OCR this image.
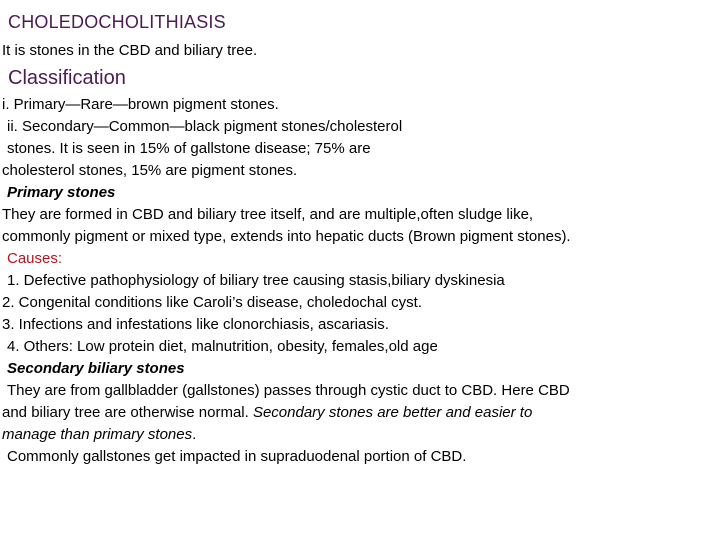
CHOLEDOCHOLITHIASIS
It is stones in the CBD and biliary tree.
Classification
i. Primary—Rare—brown pigment stones.
ii. Secondary—Common—black pigment stones/cholesterol
stones. It is seen in 15% of gallstone disease; 75% are
cholesterol stones, 15% are pigment stones.
Primary stones
They are formed in CBD and biliary tree itself, and are multiple,often sludge like,
commonly pigment or mixed type, extends into hepatic ducts (Brown pigment stones).
Causes:
1. Defective pathophysiology of biliary tree causing stasis,biliary dyskinesia
2. Congenital conditions like Caroli’s disease, choledochal cyst.
3. Infections and infestations like clonorchiasis, ascariasis.
4. Others: Low protein diet, malnutrition, obesity, females,old age
Secondary biliary stones
They are from gallbladder (gallstones) passes through cystic duct to CBD. Here CBD
and biliary tree are otherwise normal. Secondary stones are better and easier to
manage than primary stones.
Commonly gallstones get impacted in supraduodenal portion of CBD.
